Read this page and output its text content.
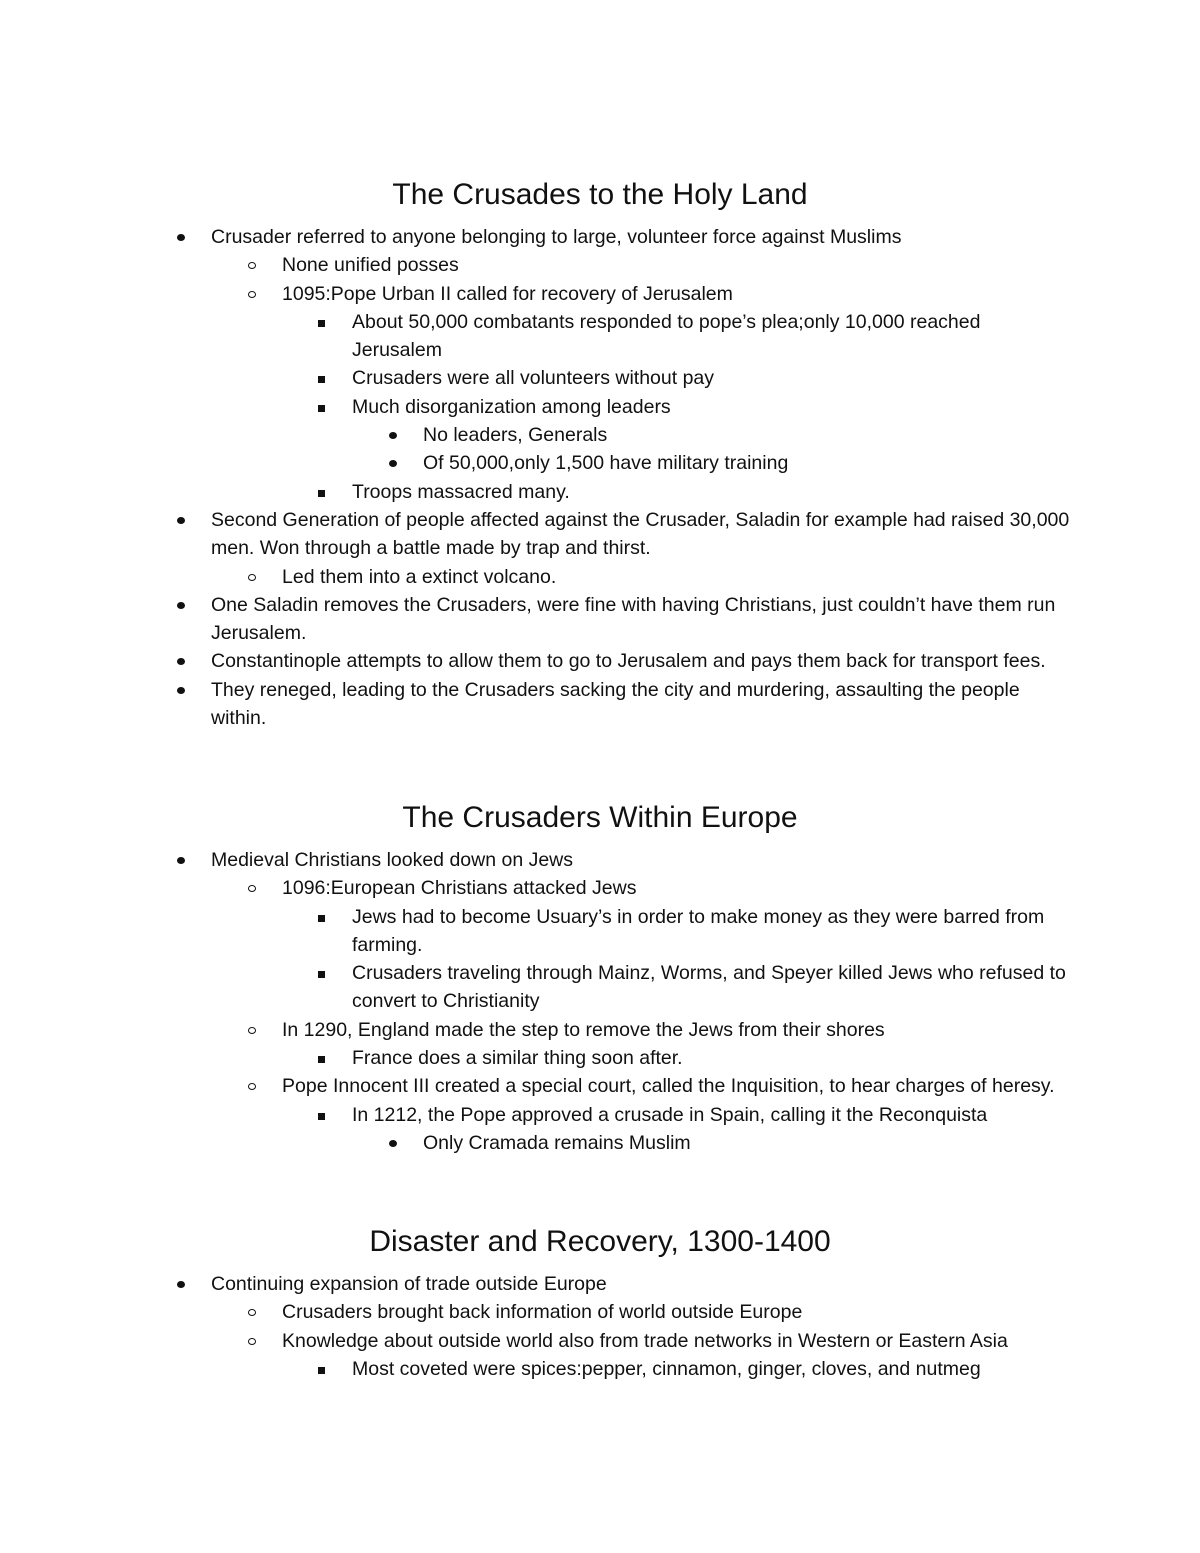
The Crusades to the Holy Land
Crusader referred to anyone belonging to large, volunteer force against Muslims
None unified posses
1095:Pope Urban II called for recovery of Jerusalem
About 50,000 combatants responded to pope’s plea;only 10,000 reached Jerusalem
Crusaders were all volunteers without pay
Much disorganization among leaders
No leaders, Generals
Of 50,000,only 1,500 have military training
Troops massacred many.
Second Generation of people affected against the Crusader, Saladin for example had raised 30,000 men. Won through a battle made by trap and thirst.
Led them into a extinct volcano.
One Saladin removes the Crusaders, were fine with having Christians, just couldn’t have them run Jerusalem.
Constantinople attempts to allow them to go to Jerusalem and pays them back for transport fees.
They reneged, leading to the Crusaders sacking the city and murdering, assaulting the people within.
The Crusaders Within Europe
Medieval Christians looked down on Jews
1096:European Christians attacked Jews
Jews had to become Usuary’s in order to make money as they were barred from farming.
Crusaders traveling through Mainz, Worms, and Speyer killed Jews who refused to convert to Christianity
In 1290, England made the step to remove the Jews from their shores
France does a similar thing soon after.
Pope Innocent III created a special court, called the Inquisition, to hear charges of heresy.
In 1212, the Pope approved a crusade in Spain, calling it the Reconquista
Only Cramada remains Muslim
Disaster and Recovery, 1300-1400
Continuing expansion of trade outside Europe
Crusaders brought back information of world outside Europe
Knowledge about outside world also from trade networks in Western or Eastern Asia
Most coveted were spices:pepper, cinnamon, ginger, cloves, and nutmeg
